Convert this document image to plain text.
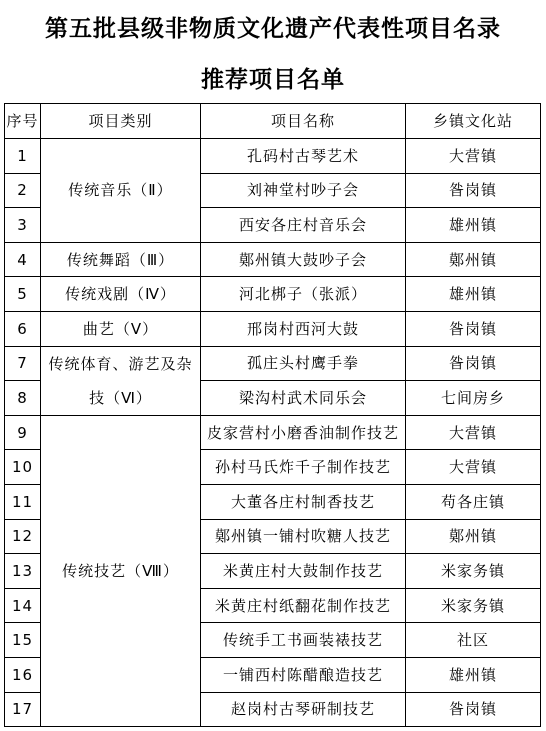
第五批县级非物质文化遗产代表性项目名录
推荐项目名单
序号	项目类别	项目名称	乡镇文化站
1	传统音乐（Ⅱ）	孔码村古琴艺术	大营镇
2		刘神堂村吵子会	昝岗镇
3		西安各庄村音乐会	雄州镇
4	传统舞蹈（Ⅲ）	鄚州镇大鼓吵子会	鄚州镇
5	传统戏剧（Ⅳ）	河北梆子（张派）	雄州镇
6	曲艺（Ⅴ）	邢岗村西河大鼓	昝岗镇
7	传统体育、游艺及杂技（Ⅵ）	孤庄头村鹰手拳	昝岗镇
8		梁沟村武术同乐会	七间房乡
9	传统技艺（Ⅷ）	皮家营村小磨香油制作技艺	大营镇
10		孙村马氏炸千子制作技艺	大营镇
11		大董各庄村制香技艺	苟各庄镇
12		鄚州镇一铺村吹糖人技艺	鄚州镇
13		米黄庄村大鼓制作技艺	米家务镇
14		米黄庄村纸翻花制作技艺	米家务镇
15		传统手工书画装裱技艺	社区
16		一铺西村陈醋酿造技艺	雄州镇
17		赵岗村古琴研制技艺	昝岗镇
